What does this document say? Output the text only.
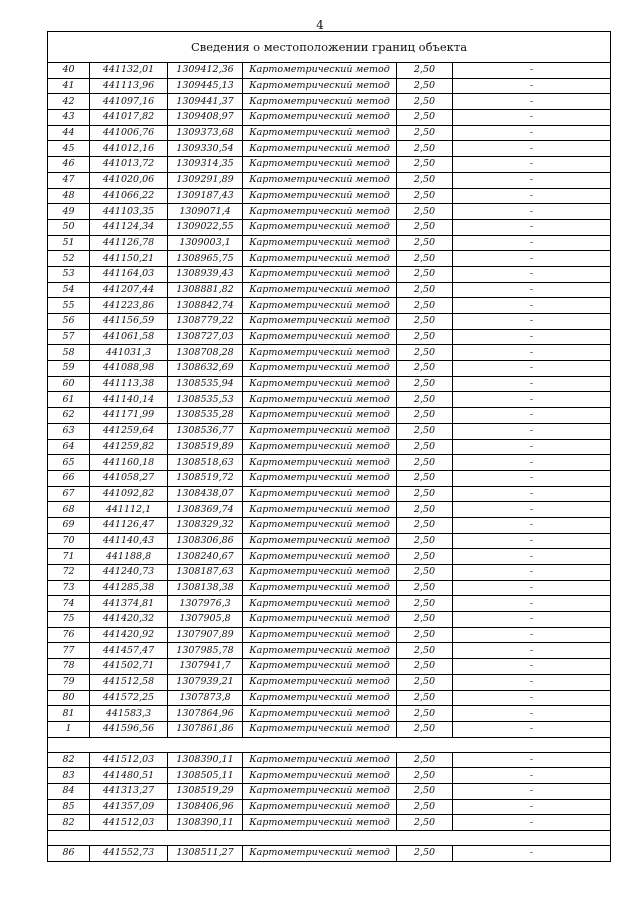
4
Сведения о местоположении границ объекта					
40	441132,01	1309412,36	Картометрический метод	2,50	-
41	441113,96	1309445,13	Картометрический метод	2,50	-
42	441097,16	1309441,37	Картометрический метод	2,50	-
43	441017,82	1309408,97	Картометрический метод	2,50	-
44	441006,76	1309373,68	Картометрический метод	2,50	-
45	441012,16	1309330,54	Картометрический метод	2,50	-
46	441013,72	1309314,35	Картометрический метод	2,50	-
47	441020,06	1309291,89	Картометрический метод	2,50	-
48	441066,22	1309187,43	Картометрический метод	2,50	-
49	441103,35	1309071,4	Картометрический метод	2,50	-
50	441124,34	1309022,55	Картометрический метод	2,50	-
51	441126,78	1309003,1	Картометрический метод	2,50	-
52	441150,21	1308965,75	Картометрический метод	2,50	-
53	441164,03	1308939,43	Картометрический метод	2,50	-
54	441207,44	1308881,82	Картометрический метод	2,50	-
55	441223,86	1308842,74	Картометрический метод	2,50	-
56	441156,59	1308779,22	Картометрический метод	2,50	-
57	441061,58	1308727,03	Картометрический метод	2,50	-
58	441031,3	1308708,28	Картометрический метод	2,50	-
59	441088,98	1308632,69	Картометрический метод	2,50	-
60	441113,38	1308535,94	Картометрический метод	2,50	-
61	441140,14	1308535,53	Картометрический метод	2,50	-
62	441171,99	1308535,28	Картометрический метод	2,50	-
63	441259,64	1308536,77	Картометрический метод	2,50	-
64	441259,82	1308519,89	Картометрический метод	2,50	-
65	441160,18	1308518,63	Картометрический метод	2,50	-
66	441058,27	1308519,72	Картометрический метод	2,50	-
67	441092,82	1308438,07	Картометрический метод	2,50	-
68	441112,1	1308369,74	Картометрический метод	2,50	-
69	441126,47	1308329,32	Картометрический метод	2,50	-
70	441140,43	1308306,86	Картометрический метод	2,50	-
71	441188,8	1308240,67	Картометрический метод	2,50	-
72	441240,73	1308187,63	Картометрический метод	2,50	-
73	441285,38	1308138,38	Картометрический метод	2,50	-
74	441374,81	1307976,3	Картометрический метод	2,50	-
75	441420,32	1307905,8	Картометрический метод	2,50	-
76	441420,92	1307907,89	Картометрический метод	2,50	-
77	441457,47	1307985,78	Картометрический метод	2,50	-
78	441502,71	1307941,7	Картометрический метод	2,50	-
79	441512,58	1307939,21	Картометрический метод	2,50	-
80	441572,25	1307873,8	Картометрический метод	2,50	-
81	441583,3	1307864,96	Картометрический метод	2,50	-
1	441596,56	1307861,86	Картометрический метод	2,50	-

82	441512,03	1308390,11	Картометрический метод	2,50	-
83	441480,51	1308505,11	Картометрический метод	2,50	-
84	441313,27	1308519,29	Картометрический метод	2,50	-
85	441357,09	1308406,96	Картометрический метод	2,50	-
82	441512,03	1308390,11	Картометрический метод	2,50	-

86	441552,73	1308511,27	Картометрический метод	2,50	-
